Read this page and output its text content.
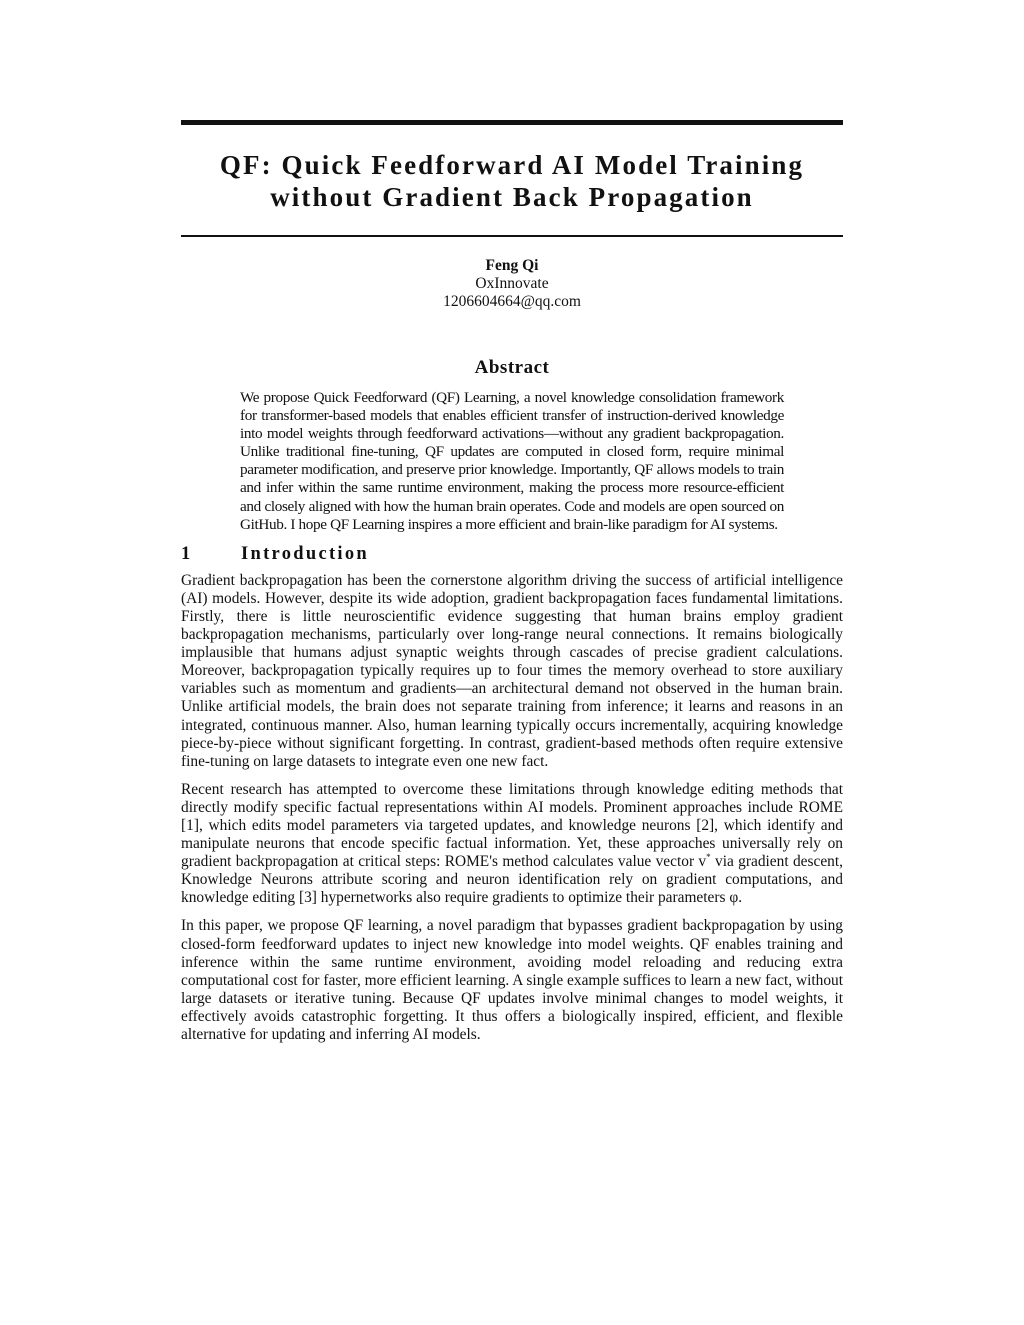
QF: Quick Feedforward AI Model Training
without Gradient Back Propagation
Feng Qi
OxInnovate
1206604664@qq.com
Abstract

We propose Quick Feedforward (QF) Learning, a novel knowledge consolidation framework for transformer-based models that enables efficient transfer of instruction-derived knowledge into model weights through feedforward activations—without any gradient backpropagation. Unlike traditional fine-tuning, QF updates are computed in closed form, require minimal parameter modification, and preserve prior knowledge. Importantly, QF allows models to train and infer within the same runtime environment, making the process more resource-efficient and closely aligned with how the human brain operates. Code and models are open sourced on GitHub. I hope QF Learning inspires a more efficient and brain-like paradigm for AI systems.

1	Introduction

Gradient backpropagation has been the cornerstone algorithm driving the success of artificial intelligence (AI) models. However, despite its wide adoption, gradient backpropagation faces fundamental limitations. Firstly, there is little neuroscientific evidence suggesting that human brains employ gradient backpropagation mechanisms, particularly over long-range neural connections. It remains biologically implausible that humans adjust synaptic weights through cascades of precise gradient calculations. Moreover, backpropagation typically requires up to four times the memory overhead to store auxiliary variables such as momentum and gradients—an architectural demand not observed in the human brain. Unlike artificial models, the brain does not separate training from inference; it learns and reasons in an integrated, continuous manner. Also, human learning typically occurs incrementally, acquiring knowledge piece-by-piece without significant forgetting. In contrast, gradient-based methods often require extensive fine-tuning on large datasets to integrate even one new fact.

Recent research has attempted to overcome these limitations through knowledge editing methods that directly modify specific factual representations within AI models. Prominent approaches include ROME [1], which edits model parameters via targeted updates, and knowledge neurons [2], which identify and manipulate neurons that encode specific factual information. Yet, these approaches universally rely on gradient backpropagation at critical steps: ROME's method calculates value vector v* via gradient descent, Knowledge Neurons attribute scoring and neuron identification rely on gradient computations, and knowledge editing [3] hypernetworks also require gradients to optimize their parameters φ.

In this paper, we propose QF learning, a novel paradigm that bypasses gradient backpropagation by using closed-form feedforward updates to inject new knowledge into model weights. QF enables training and inference within the same runtime environment, avoiding model reloading and reducing extra computational cost for faster, more efficient learning. A single example suffices to learn a new fact, without large datasets or iterative tuning. Because QF updates involve minimal changes to model weights, it effectively avoids catastrophic forgetting. It thus offers a biologically inspired, efficient, and flexible alternative for updating and inferring AI models.
